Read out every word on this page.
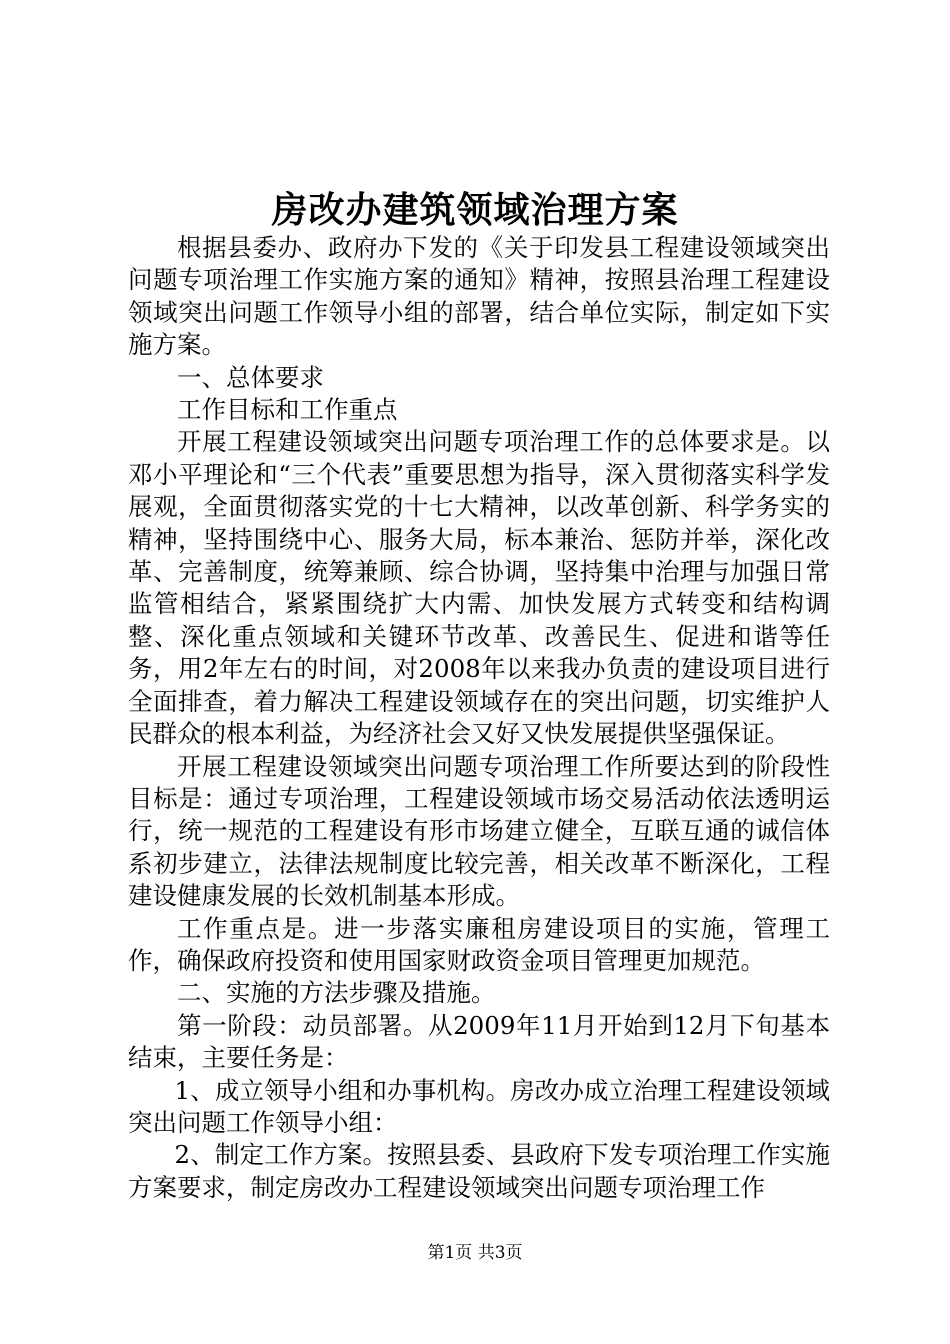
房改办建筑领域治理方案

根据县委办、政府办下发的《关于印发县工程建设领域突出问题专项治理工作实施方案的通知》精神，按照县治理工程建设领域突出问题工作领导小组的部署，结合单位实际，制定如下实施方案。

一、总体要求

工作目标和工作重点

开展工程建设领域突出问题专项治理工作的总体要求是。以邓小平理论和“三个代表”重要思想为指导，深入贯彻落实科学发展观，全面贯彻落实党的十七大精神，以改革创新、科学务实的精神，坚持围绕中心、服务大局，标本兼治、惩防并举，深化改革、完善制度，统筹兼顾、综合协调，坚持集中治理与加强日常监管相结合，紧紧围绕扩大内需、加快发展方式转变和结构调整、深化重点领域和关键环节改革、改善民生、促进和谐等任务，用2年左右的时间，对2008年以来我办负责的建设项目进行全面排查，着力解决工程建设领域存在的突出问题，切实维护人民群众的根本利益，为经济社会又好又快发展提供坚强保证。

开展工程建设领域突出问题专项治理工作所要达到的阶段性目标是：通过专项治理，工程建设领域市场交易活动依法透明运行，统一规范的工程建设有形市场建立健全，互联互通的诚信体系初步建立，法律法规制度比较完善，相关改革不断深化，工程建设健康发展的长效机制基本形成。

工作重点是。进一步落实廉租房建设项目的实施，管理工作，确保政府投资和使用国家财政资金项目管理更加规范。

二、实施的方法步骤及措施。

第一阶段：动员部署。从2009年11月开始到12月下旬基本结束，主要任务是：

1、成立领导小组和办事机构。房改办成立治理工程建设领域突出问题工作领导小组：

2、制定工作方案。按照县委、县政府下发专项治理工作实施方案要求，制定房改办工程建设领域突出问题专项治理工作

第1页 共3页
